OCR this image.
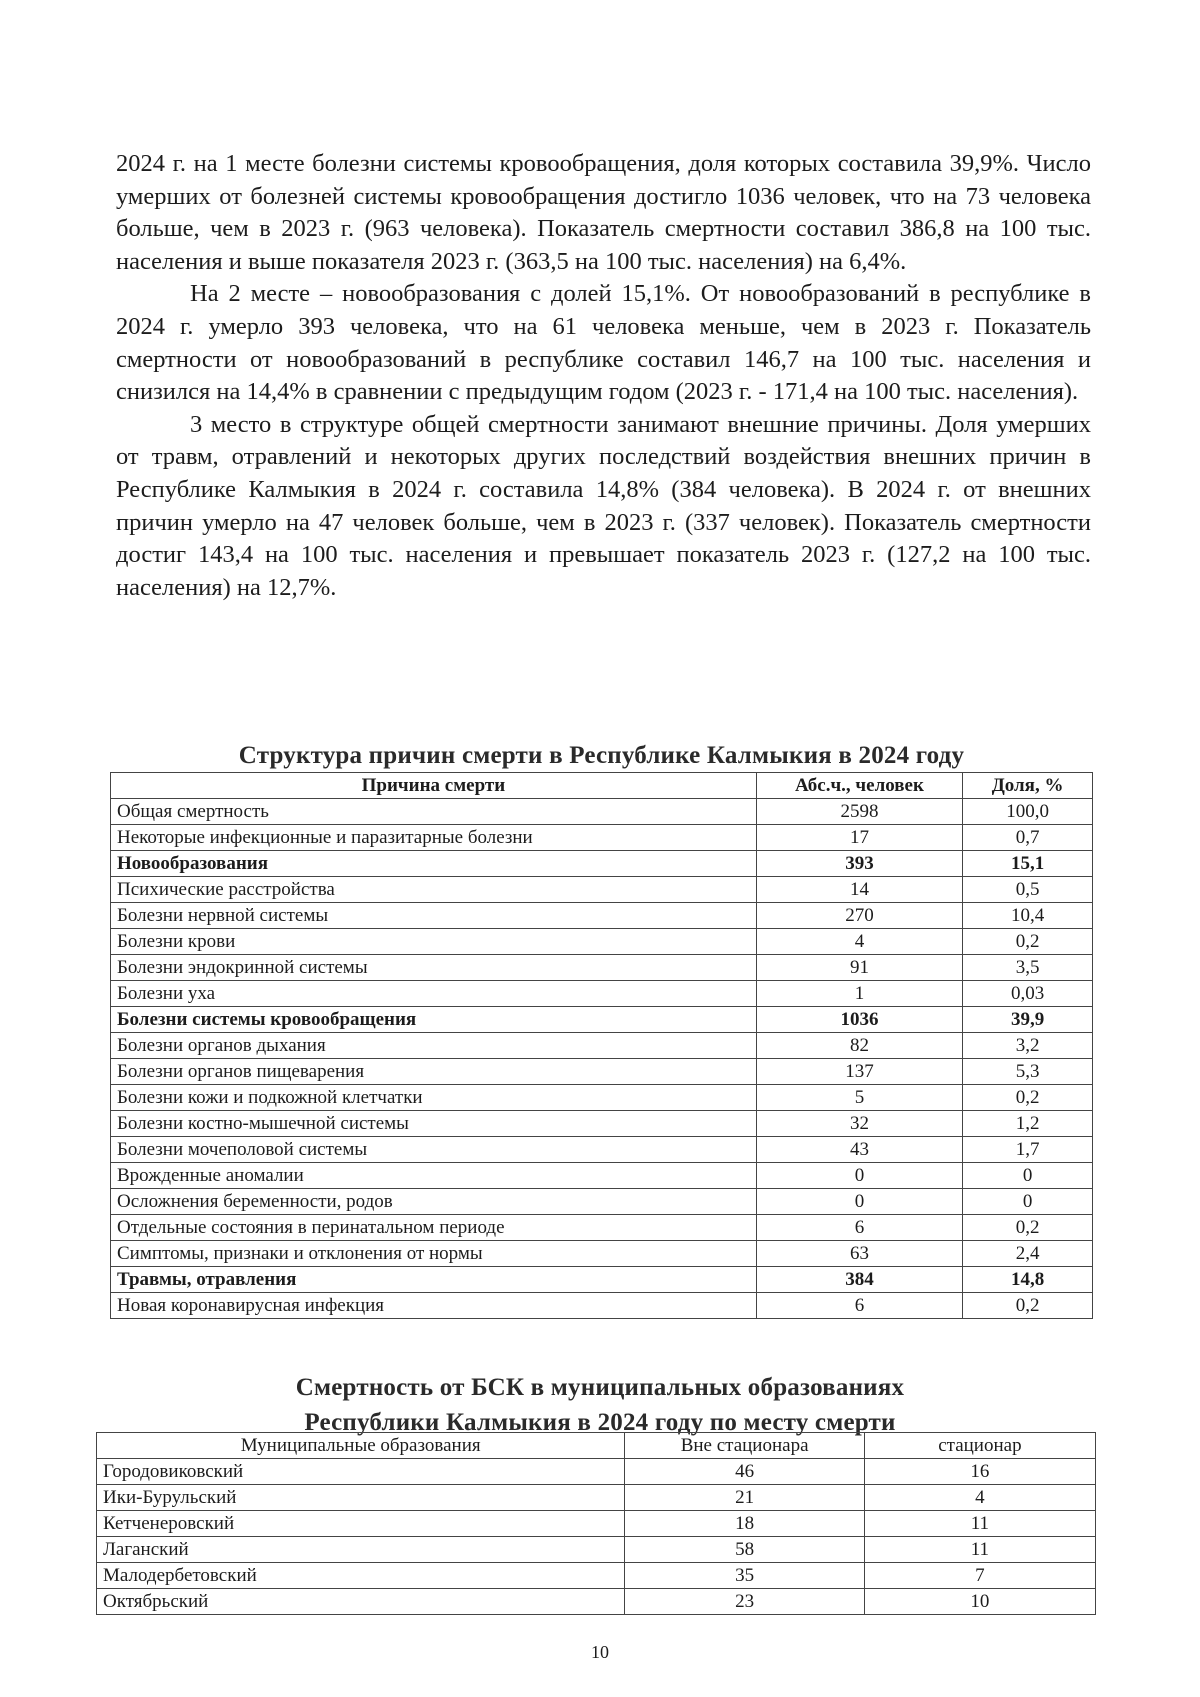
2024 г. на 1 месте болезни системы кровообращения, доля которых составила 39,9%. Число умерших от болезней системы кровообращения достигло 1036 человек, что на 73 человека больше, чем в 2023 г. (963 человека). Показатель смертности составил 386,8 на 100 тыс. населения и выше показателя 2023 г. (363,5 на 100 тыс. населения) на 6,4%.

На 2 месте – новообразования с долей 15,1%. От новообразований в республике в 2024 г. умерло 393 человека, что на 61 человека меньше, чем в 2023 г. Показатель смертности от новообразований в республике составил 146,7 на 100 тыс. населения и снизился на 14,4% в сравнении с предыдущим годом (2023 г. - 171,4 на 100 тыс. населения).

3 место в структуре общей смертности занимают внешние причины. Доля умерших от травм, отравлений и некоторых других последствий воздействия внешних причин в Республике Калмыкия в 2024 г. составила 14,8% (384 человека). В 2024 г. от внешних причин умерло на 47 человек больше, чем в 2023 г. (337 человек). Показатель смертности достиг 143,4 на 100 тыс. населения и превышает показатель 2023 г. (127,2 на 100 тыс. населения) на 12,7%.

Структура причин смерти в Республике Калмыкия в 2024 году
Причина смерти	Абс.ч., человек	Доля, %
Общая смертность	2598	100,0
Некоторые инфекционные и паразитарные болезни	17	0,7
Новообразования	393	15,1
Психические расстройства	14	0,5
Болезни нервной системы	270	10,4
Болезни крови	4	0,2
Болезни эндокринной системы	91	3,5
Болезни уха	1	0,03
Болезни системы кровообращения	1036	39,9
Болезни органов дыхания	82	3,2
Болезни органов пищеварения	137	5,3
Болезни кожи и подкожной клетчатки	5	0,2
Болезни костно-мышечной системы	32	1,2
Болезни мочеполовой системы	43	1,7
Врожденные аномалии	0	0
Осложнения беременности, родов	0	0
Отдельные состояния в перинатальном периоде	6	0,2
Симптомы, признаки и отклонения от нормы	63	2,4
Травмы, отравления	384	14,8
Новая коронавирусная инфекция	6	0,2
Смертность от БСК в муниципальных образованиях
Республики Калмыкия в 2024 году по месту смерти
Муниципальные образования	Вне стационара	стационар
Городовиковский	46	16
Ики-Бурульский	21	4
Кетченеровский	18	11
Лаганский	58	11
Малодербетовский	35	7
Октябрьский	23	10
10
